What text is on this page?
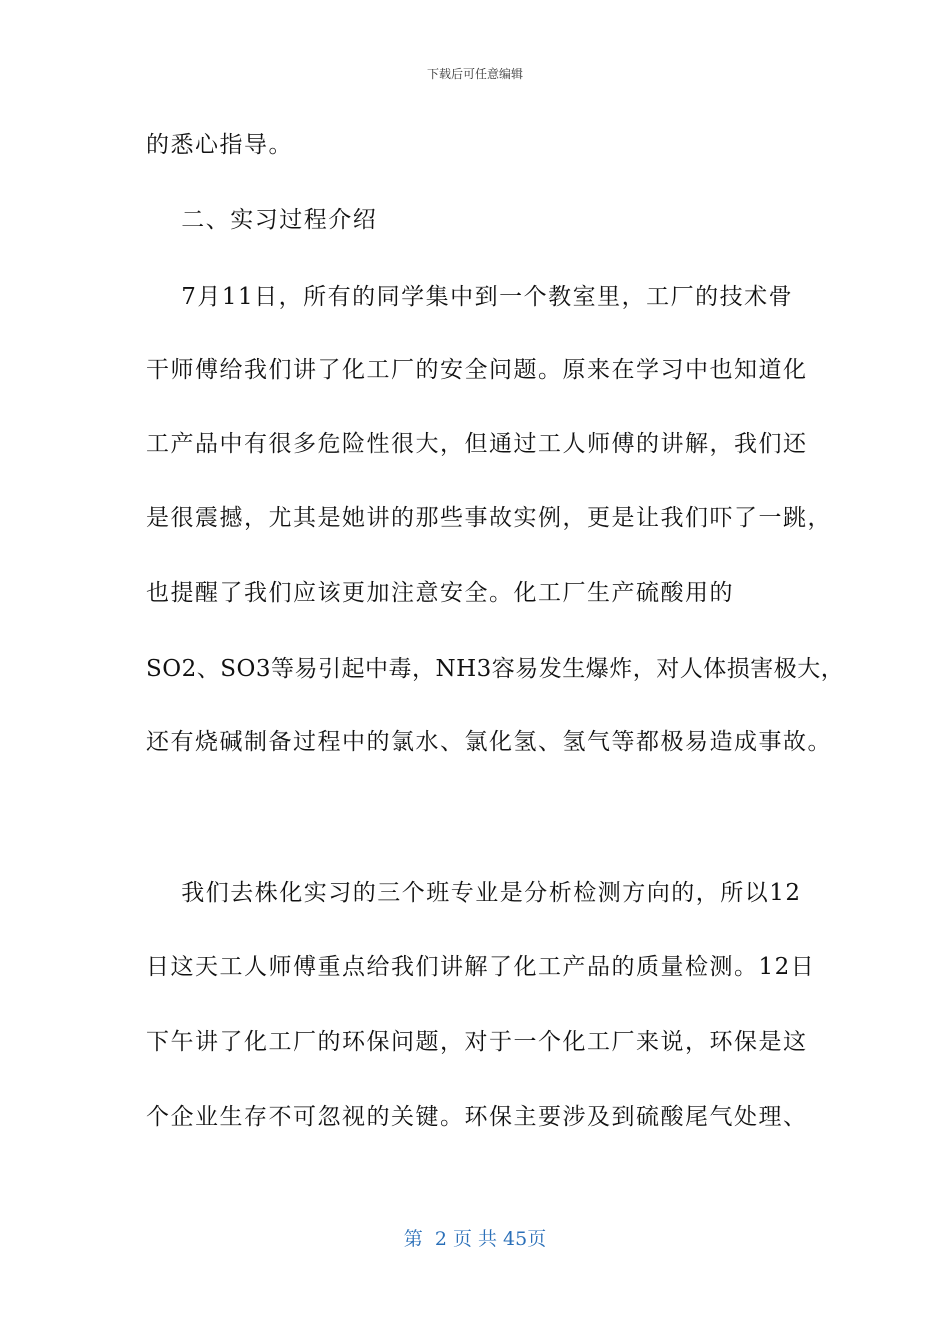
下载后可任意编辑
的悉心指导。
二、实习过程介绍
7月11日，所有的同学集中到一个教室里，工厂的技术骨
干师傅给我们讲了化工厂的安全问题。原来在学习中也知道化
工产品中有很多危险性很大，但通过工人师傅的讲解，我们还
是很震撼，尤其是她讲的那些事故实例，更是让我们吓了一跳，
也提醒了我们应该更加注意安全。化工厂生产硫酸用的
SO2、SO3等易引起中毒，NH3容易发生爆炸，对人体损害极大，
还有烧碱制备过程中的氯水、氯化氢、氢气等都极易造成事故。
我们去株化实习的三个班专业是分析检测方向的，所以12
日这天工人师傅重点给我们讲解了化工产品的质量检测。12日
下午讲了化工厂的环保问题，对于一个化工厂来说，环保是这
个企业生存不可忽视的关键。环保主要涉及到硫酸尾气处理、
第  2 页 共 45页
